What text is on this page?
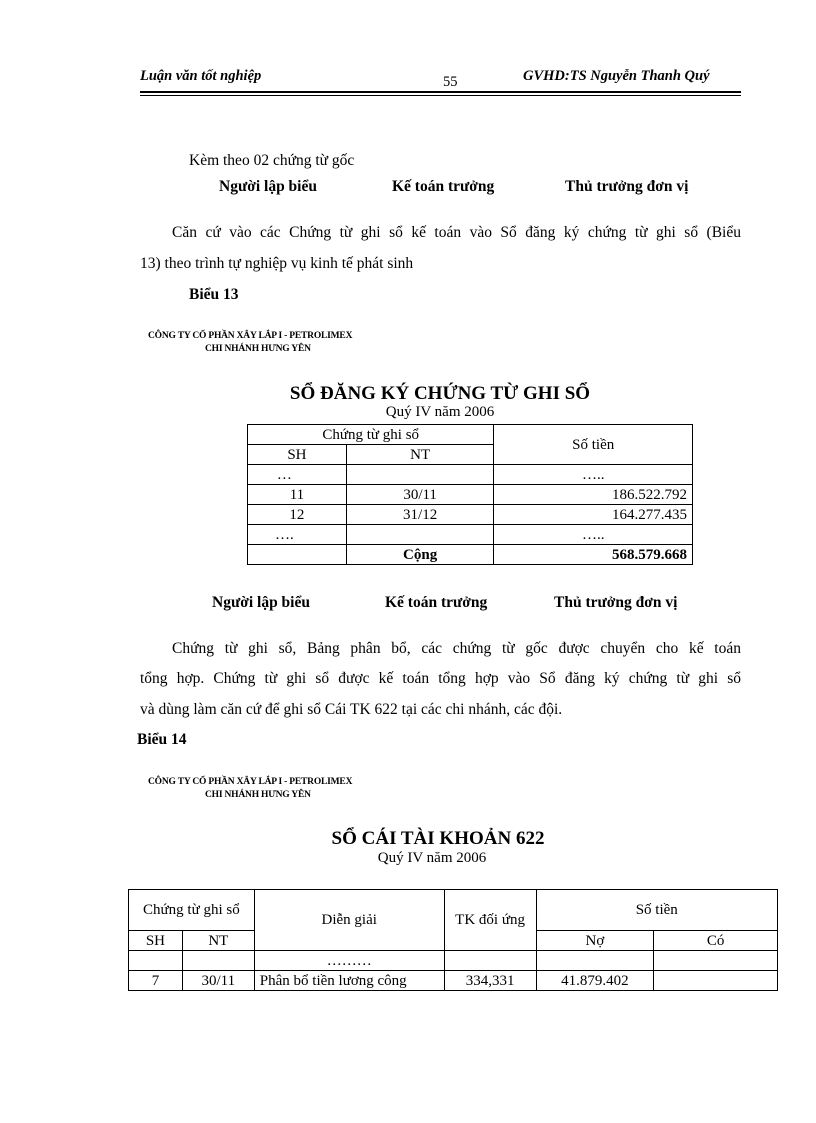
Luận văn tốt nghiệp	55	GVHD:TS Nguyễn Thanh Quý
Kèm theo 02 chứng từ gốc
Người lập biểu	Kế toán trưởng	Thủ trưởng đơn vị
Căn cứ vào các Chứng từ ghi sổ kế toán vào Sổ đăng ký chứng từ ghi sổ (Biểu
13) theo trình tự nghiệp vụ kinh tế phát sinh
Biểu 13
CÔNG TY CỔ PHẦN XÂY LẮP I - PETROLIMEX
CHI NHÁNH HƯNG YÊN
SỔ ĐĂNG KÝ CHỨNG TỪ GHI SỔ
Quý IV năm 2006
Chứng từ ghi sổ		Số tiền
SH	NT	
…		…..
11	30/11	186.522.792
12	31/12	164.277.435
….		…..
	Cộng	568.579.668
Người lập biểu	Kế toán trưởng	Thủ trưởng đơn vị
Chứng từ ghi sổ, Bảng phân bổ, các chứng từ gốc được chuyển cho kế toán
tổng hợp. Chứng từ ghi sổ được kế toán tổng hợp vào Sổ đăng ký chứng từ ghi sổ
và dùng làm căn cứ để ghi sổ Cái TK 622 tại các chi nhánh, các đội.
Biểu 14
CÔNG TY CỔ PHẦN XÂY LẮP I - PETROLIMEX
CHI NHÁNH HƯNG YÊN
SỔ CÁI TÀI KHOẢN 622
Quý IV năm 2006
Chứng từ ghi sổ		Diễn giải	TK đối ứng	Số tiền	
SH	NT			Nợ	Có
		………			
7	30/11	Phân bổ tiền lương công	334,331	41.879.402	
